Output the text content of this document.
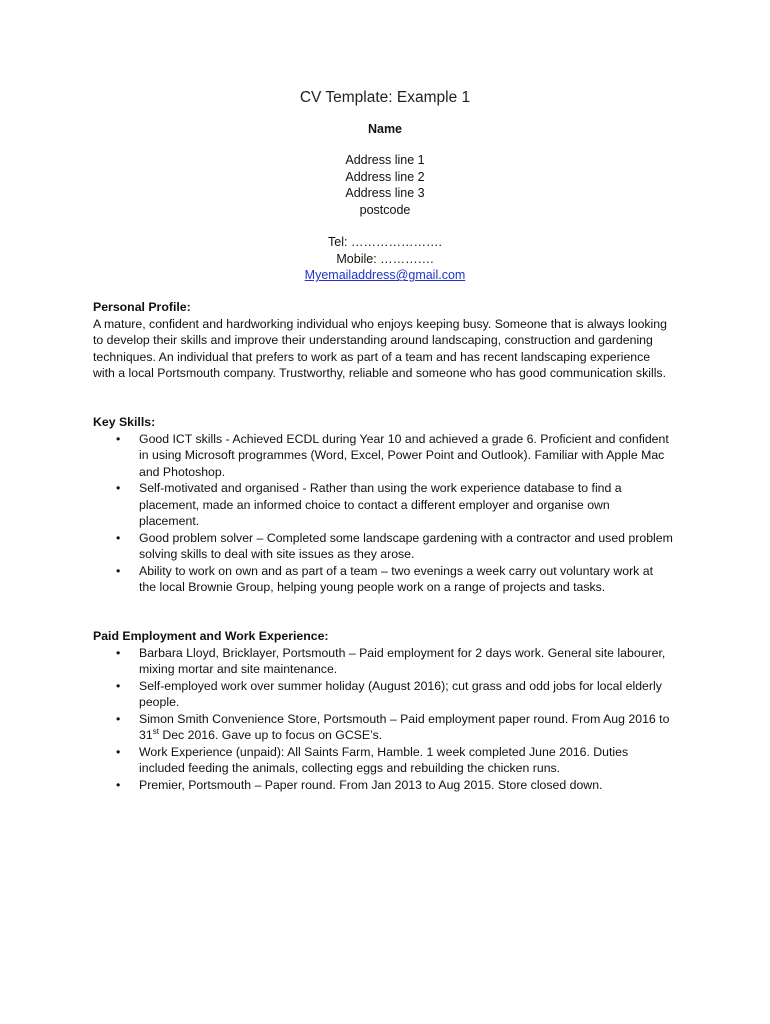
CV Template: Example 1
Name
Address line 1
Address line 2
Address line 3
postcode
Tel: ………………….
Mobile: ………….
Myemailaddress@gmail.com
Personal Profile:

A mature, confident and hardworking individual who enjoys keeping busy. Someone that is always looking to develop their skills and improve their understanding around landscaping, construction and gardening techniques. An individual that prefers to work as part of a team and has recent landscaping experience with a local Portsmouth company. Trustworthy, reliable and someone who has good communication skills.

Key Skills:
• Good ICT skills - Achieved ECDL during Year 10 and achieved a grade 6. Proficient and confident in using Microsoft programmes (Word, Excel, Power Point and Outlook). Familiar with Apple Mac and Photoshop.
• Self-motivated and organised - Rather than using the work experience database to find a placement, made an informed choice to contact a different employer and organise own placement.
• Good problem solver – Completed some landscape gardening with a contractor and used problem solving skills to deal with site issues as they arose.
• Ability to work on own and as part of a team – two evenings a week carry out voluntary work at the local Brownie Group, helping young people work on a range of projects and tasks.
Paid Employment and Work Experience:
• Barbara Lloyd, Bricklayer, Portsmouth – Paid employment for 2 days work. General site labourer, mixing mortar and site maintenance.
• Self-employed work over summer holiday (August 2016); cut grass and odd jobs for local elderly people.
• Simon Smith Convenience Store, Portsmouth – Paid employment paper round. From Aug 2016 to 31st Dec 2016. Gave up to focus on GCSE’s.
• Work Experience (unpaid): All Saints Farm, Hamble. 1 week completed June 2016. Duties included feeding the animals, collecting eggs and rebuilding the chicken runs.
• Premier, Portsmouth – Paper round. From Jan 2013 to Aug 2015. Store closed down.
